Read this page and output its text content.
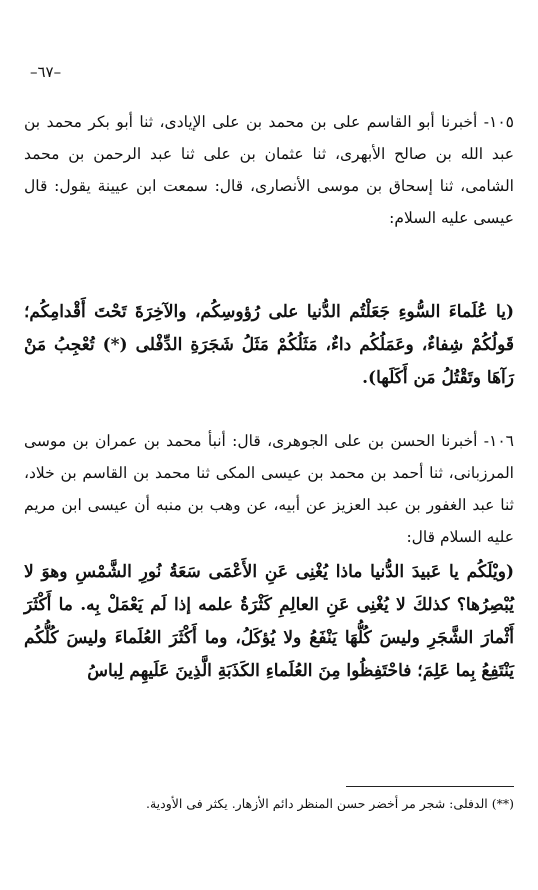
–٦٧–

١٠٥- أخبرنا أبو القاسم على بن محمد بن على الإيادى، ثنا أبو بكر محمد بن عبد الله بن صالح الأبهرى، ثنا عثمان بن على ثنا عبد الرحمن بن محمد الشامى، ثنا إسحاق بن موسى الأنصارى، قال: سمعت ابن عيينة يقول: قال عيسى عليه السلام:

(يا عُلَماءَ السُّوءِ جَعَلْتُم الدُّنيا على رُؤوسِكُم، والآخِرَةَ تَحْتَ أَقْدامِكُم؛ قَولُكُمْ شِفاءٌ، وعَمَلُكُم داءٌ، مَثَلُكُمْ مَثَلُ شَجَرَةِ الدِّفْلى (*) تُعْجِبُ مَنْ رَآهَا وتَقْتُلُ مَن أَكَلَها).

١٠٦- أخبرنا الحسن بن على الجوهرى، قال: أنبأ محمد بن عمران بن موسى المرزبانى، ثنا أحمد بن محمد بن عيسى المكى ثنا محمد بن القاسم بن خلاد، ثنا عبد الغفور بن عبد العزيز عن أبيه، عن وهب بن منبه أن عيسى ابن مريم عليه السلام قال:

(ويْلَكُم يا عَبيدَ الدُّنيا ماذا يُغْنِى عَنِ الأَعْمَى سَعَةُ نُورِ الشَّمْسِ وهوَ لا يُبْصِرُها؟ كذلكَ لا يُغْنِى عَنِ العالِمِ كَثْرَةُ علمه إذا لَم يَعْمَلْ بِه. ما أَكْثَرَ أَثْمارَ الشَّجَرِ وليسَ كُلُّهَا يَنْفَعُ ولا يُؤكَلُ، وما أَكْثَرَ العُلَماءَ وليسَ كُلُّكُم يَنْتَفِعُ بِما عَلِمَ؛ فاحْتَفِظُوا مِنَ العُلَماءِ الكَذَبَةِ الَّذِينَ عَلَيهِم لِباسُ

(**) الدفلى: شجر مر أخضر حسن المنظر دائم الأزهار. يكثر فى الأودية.
